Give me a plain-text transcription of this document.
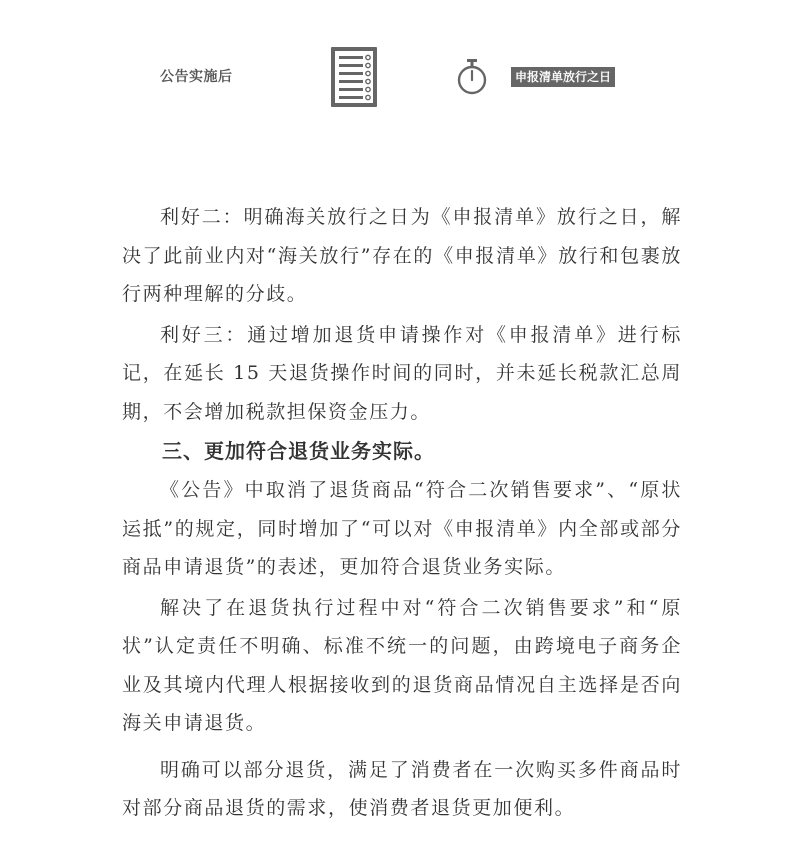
公告实施后	申报清单放行之日

利好二：明确海关放行之日为《申报清单》放行之日，解决了此前业内对“海关放行”存在的《申报清单》放行和包裹放行两种理解的分歧。

利好三：通过增加退货申请操作对《申报清单》进行标记，在延长 15 天退货操作时间的同时，并未延长税款汇总周期，不会增加税款担保资金压力。

三、更加符合退货业务实际。

《公告》中取消了退货商品“符合二次销售要求”、“原状运抵”的规定，同时增加了“可以对《申报清单》内全部或部分商品申请退货”的表述，更加符合退货业务实际。

解决了在退货执行过程中对“符合二次销售要求”和“原状”认定责任不明确、标准不统一的问题，由跨境电子商务企业及其境内代理人根据接收到的退货商品情况自主选择是否向海关申请退货。

明确可以部分退货，满足了消费者在一次购买多件商品时对部分商品退货的需求，使消费者退货更加便利。
